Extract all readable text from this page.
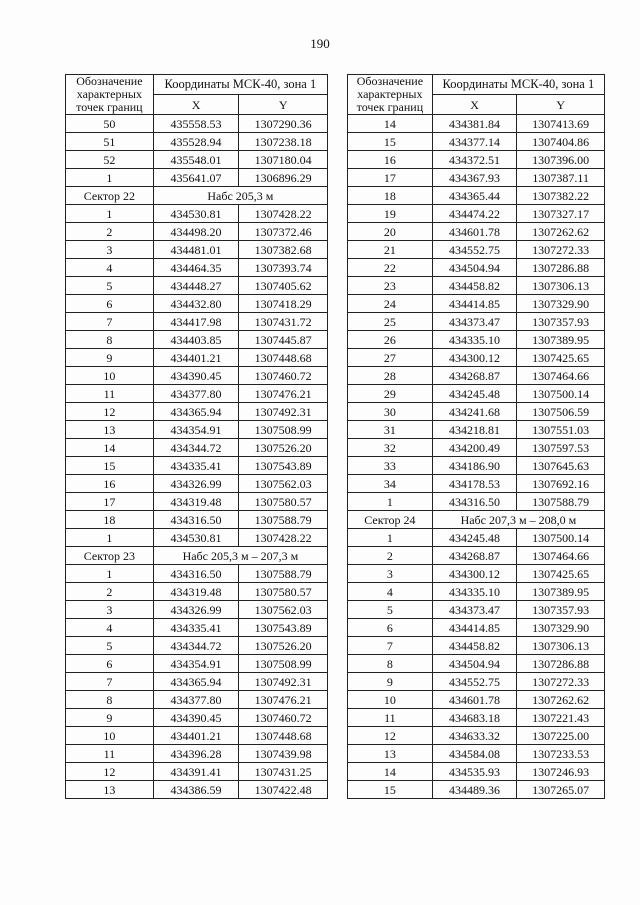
190
Обозначение характерных точек границ	Координаты МСК-40, зона 1	
	X	Y
50	435558.53	1307290.36
51	435528.94	1307238.18
52	435548.01	1307180.04
1	435641.07	1306896.29
Сектор 22	Набс 205,3 м	
1	434530.81	1307428.22
2	434498.20	1307372.46
3	434481.01	1307382.68
4	434464.35	1307393.74
5	434448.27	1307405.62
6	434432.80	1307418.29
7	434417.98	1307431.72
8	434403.85	1307445.87
9	434401.21	1307448.68
10	434390.45	1307460.72
11	434377.80	1307476.21
12	434365.94	1307492.31
13	434354.91	1307508.99
14	434344.72	1307526.20
15	434335.41	1307543.89
16	434326.99	1307562.03
17	434319.48	1307580.57
18	434316.50	1307588.79
1	434530.81	1307428.22
Сектор 23	Набс 205,3 м – 207,3 м	
1	434316.50	1307588.79
2	434319.48	1307580.57
3	434326.99	1307562.03
4	434335.41	1307543.89
5	434344.72	1307526.20
6	434354.91	1307508.99
7	434365.94	1307492.31
8	434377.80	1307476.21
9	434390.45	1307460.72
10	434401.21	1307448.68
11	434396.28	1307439.98
12	434391.41	1307431.25
13	434386.59	1307422.48
Обозначение характерных точек границ	Координаты МСК-40, зона 1	
	X	Y
14	434381.84	1307413.69
15	434377.14	1307404.86
16	434372.51	1307396.00
17	434367.93	1307387.11
18	434365.44	1307382.22
19	434474.22	1307327.17
20	434601.78	1307262.62
21	434552.75	1307272.33
22	434504.94	1307286.88
23	434458.82	1307306.13
24	434414.85	1307329.90
25	434373.47	1307357.93
26	434335.10	1307389.95
27	434300.12	1307425.65
28	434268.87	1307464.66
29	434245.48	1307500.14
30	434241.68	1307506.59
31	434218.81	1307551.03
32	434200.49	1307597.53
33	434186.90	1307645.63
34	434178.53	1307692.16
1	434316.50	1307588.79
Сектор 24	Набс 207,3 м – 208,0 м	
1	434245.48	1307500.14
2	434268.87	1307464.66
3	434300.12	1307425.65
4	434335.10	1307389.95
5	434373.47	1307357.93
6	434414.85	1307329.90
7	434458.82	1307306.13
8	434504.94	1307286.88
9	434552.75	1307272.33
10	434601.78	1307262.62
11	434683.18	1307221.43
12	434633.32	1307225.00
13	434584.08	1307233.53
14	434535.93	1307246.93
15	434489.36	1307265.07
